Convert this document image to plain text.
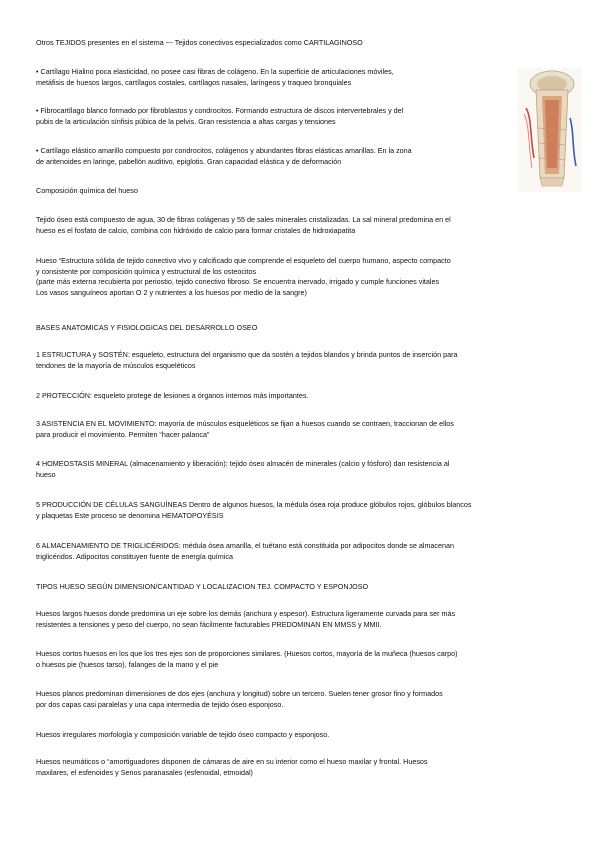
Otros TEJIDOS presentes en el sistema --- Tejidos conectivos especializados como CARTILAGINOSO
• Cartílago Hialino poca elasticidad, no posee casi fibras de colágeno. En la superficie de articulaciones móviles,
metáfisis de huesos largos, cartílagos costales, cartílagos nasales, laríngeos y traqueo bronquiales
• Fibrocartílago blanco formado por fibroblastos y condrocitos. Formando estructura de discos intervertebrales y del
pubis de la articulación sínfisis púbica de la pelvis. Gran resistencia a altas cargas y tensiones
• Cartílago elástico amarillo compuesto por condrocitos, colágenos y abundantes fibras elásticas amarillas. En la zona
de aritenoides en laringe, pabellón auditivo, epiglotis. Gran capacidad elástica y de deformación
Composición química del hueso
Tejido óseo está compuesto de agua, 30 de fibras colágenas y 55 de sales minerales cristalizadas. La sal mineral predomina en el
hueso es el fosfato de calcio, combina con hidróxido de calcio para formar cristales de hidroxiapatita
Hueso “Estructura sólida de tejido conectivo vivo y calcificado que comprende el esqueleto del cuerpo humano, aspecto compacto
y consistente por composición química y estructural de los osteocitos
(parte más externa recubierta por periostio, tejido conectivo fibroso. Se encuentra inervado, irrigado y cumple funciones vitales
Los vasos sanguíneos aportan O 2 y nutrientes a los huesos por medio de la sangre)
BASES ANATOMICAS Y FISIOLOGICAS DEL DESARROLLO OSEO
1 ESTRUCTURA y SOSTÉN: esqueleto, estructura del organismo que da sostén a tejidos blandos y brinda puntos de inserción para
tendones de la mayoría de músculos esqueléticos
2 PROTECCIÓN: esqueleto protege de lesiones a órganos internos más importantes.
3 ASISTENCIA EN EL MOVIMIENTO: mayoría de músculos esqueléticos se fijan a huesos cuando se contraen, traccionan de ellos
para producir el movimiento. Permiten “hacer palanca”
4 HOMEOSTASIS MINERAL (almacenamiento y liberación): tejido óseo almacén de minerales (calcio y fósforo) dan resistencia al
hueso
5 PRODUCCIÓN DE CÉLULAS SANGUÍNEAS Dentro de algunos huesos, la médula ósea roja produce glóbulos rojos, glóbulos blancos
y plaquetas Este proceso se denomina HEMATOPOYÉSIS
6 ALMACENAMIENTO DE TRIGLICÉRIDOS: médula ósea amarilla, el tuétano está constituida por adipocitos donde se almacenan
triglicéridos. Adipocitos constituyen fuente de energía química
TIPOS HUESO SEGÚN DIMENSION/CANTIDAD Y LOCALIZACION TEJ. COMPACTO Y ESPONJOSO
Huesos largos huesos donde predomina un eje sobre los demás (anchura y espesor). Estructura ligeramente curvada para ser más
resistentes a tensiones y peso del cuerpo, no sean fácilmente facturables PREDOMINAN EN MMSS y MMII.
Huesos cortos huesos en los que los tres ejes son de proporciones similares. (Huesos cortos, mayoría de la muñeca (huesos carpo)
o huesos pie (huesos tarso), falanges de la mano y el pie
Huesos planos predominan dimensiones de dos ejes (anchura y longitud) sobre un tercero. Suelen tener grosor fino y formados
por dos capas casi paralelas y una capa intermedia de tejido óseo esponjoso.
Huesos irregulares morfología y composición variable de tejido óseo compacto y esponjoso.
Huesos neumáticos o “amortiguadores disponen de cámaras de aire en su interior como el hueso maxilar y frontal. Huesos
maxilares, el esfenoides y Senos paranasales (esfenoidal, etmoidal)
